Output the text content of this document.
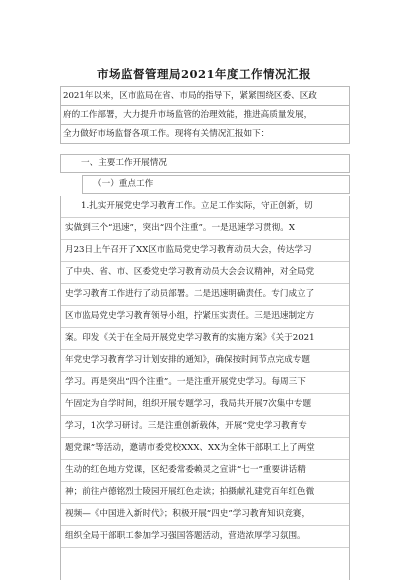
市场监督管理局2021年度工作情况汇报
2021年以来，区市监局在省、市局的指导下，紧紧围绕区委、区政
府的工作部署，大力提升市场监管的治理效能，推进高质量发展，
全力做好市场监督各项工作。现将有关情况汇报如下：
一、主要工作开展情况
（一）重点工作
1.扎实开展党史学习教育工作。立足工作实际，守正创新，切
实做到三个“迅速”，突出“四个注重”。一是迅速学习贯彻。X
月23日上午召开了XX区市监局党史学习教育动员大会，传达学习
了中央、省、市、区委党史学习教育动员大会会议精神，对全局党
史学习教育工作进行了动员部署。二是迅速明确责任。专门成立了
区市监局党史学习教育领导小组，拧紧压实责任。三是迅速制定方
案。印发《关于在全局开展党史学习教育的实施方案》《关于2021
年党史学习教育学习计划安排的通知》，确保按时间节点完成专题
学习。再是突出“四个注重”。一是注重开展党史学习。每周三下
午固定为自学时间，组织开展专题学习，我局共开展7次集中专题
学习，1次学习研讨。三是注重创新载体，开展“党史学习教育专
题党课”等活动，邀请市委党校XXX、XX为全体干部职工上了两堂
生动的红色地方党课，区纪委常委赖灵之宣讲“七一”重要讲话精
神；前往卢德铭烈士陵园开展红色走读；拍摄献礼建党百年红色微
视频—《中国进入新时代》；积极开展“四史”学习教育知识竞赛，
组织全局干部职工参加学习强国答题活动，营造浓厚学习氛围。
